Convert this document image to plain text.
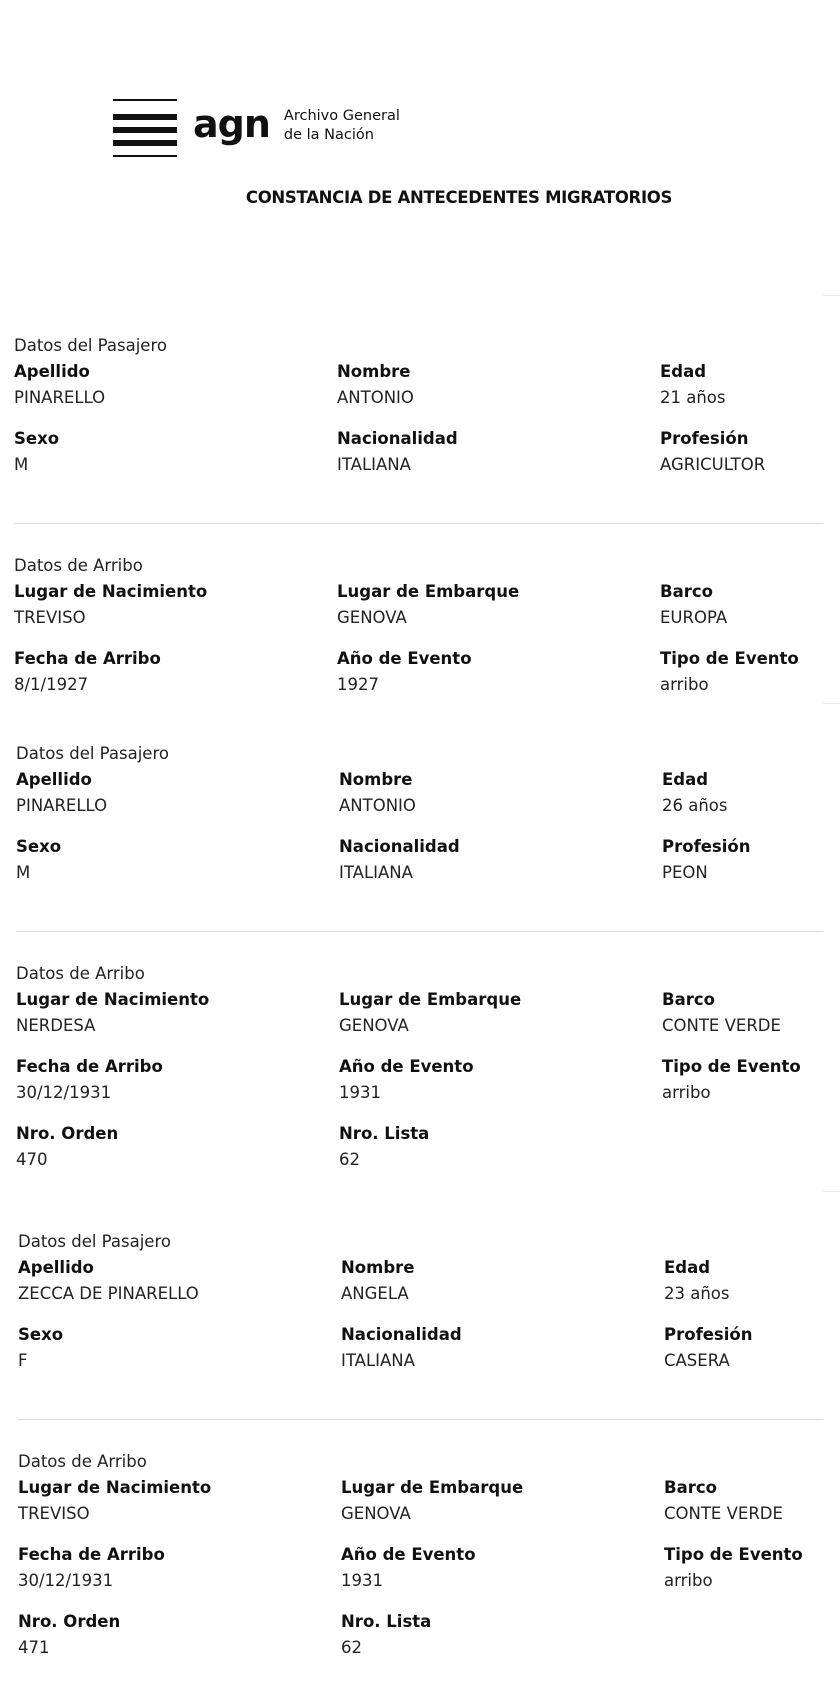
agn Archivo General
de la Nación
CONSTANCIA DE ANTECEDENTES MIGRATORIOS
Datos del Pasajero
Apellido
PINARELLO
Nombre
ANTONIO
Edad
21 años
Sexo
M
Nacionalidad
ITALIANA
Profesión
AGRICULTOR
Datos de Arribo
Lugar de Nacimiento
TREVISO
Lugar de Embarque
GENOVA
Barco
EUROPA
Fecha de Arribo
8/1/1927
Año de Evento
1927
Tipo de Evento
arribo
Datos del Pasajero
Apellido
PINARELLO
Nombre
ANTONIO
Edad
26 años
Sexo
M
Nacionalidad
ITALIANA
Profesión
PEON
Datos de Arribo
Lugar de Nacimiento
NERDESA
Lugar de Embarque
GENOVA
Barco
CONTE VERDE
Fecha de Arribo
30/12/1931
Año de Evento
1931
Tipo de Evento
arribo
Nro. Orden
470
Nro. Lista
62
Datos del Pasajero
Apellido
ZECCA DE PINARELLO
Nombre
ANGELA
Edad
23 años
Sexo
F
Nacionalidad
ITALIANA
Profesión
CASERA
Datos de Arribo
Lugar de Nacimiento
TREVISO
Lugar de Embarque
GENOVA
Barco
CONTE VERDE
Fecha de Arribo
30/12/1931
Año de Evento
1931
Tipo de Evento
arribo
Nro. Orden
471
Nro. Lista
62
